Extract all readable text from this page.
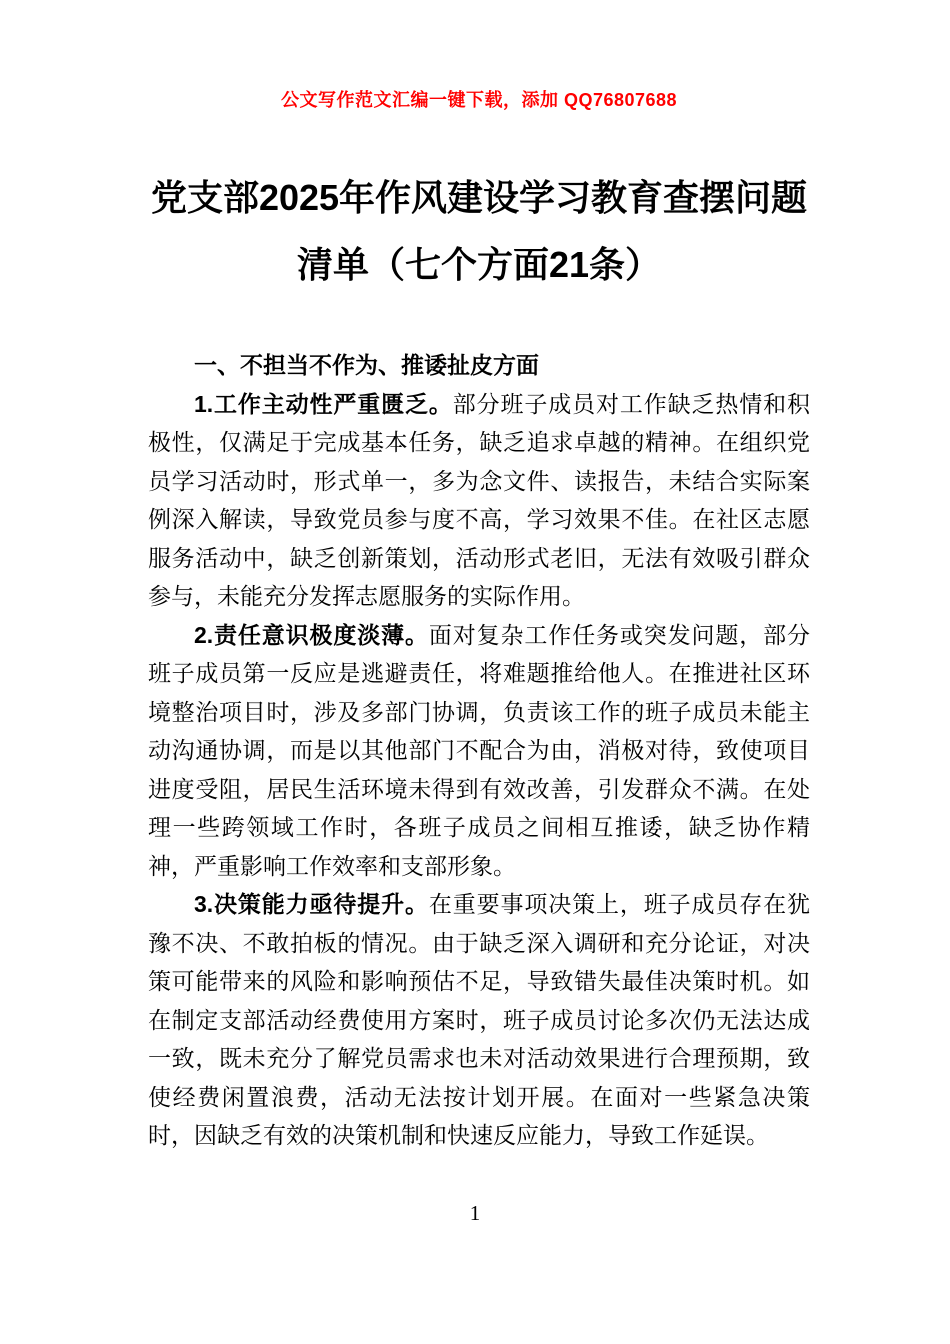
公文写作范文汇编一键下载，添加 QQ76807688
党支部2025年作风建设学习教育查摆问题
清单（七个方面21条）

一、不担当不作为、推诿扯皮方面

1.工作主动性严重匮乏。部分班子成员对工作缺乏热情和积极性，仅满足于完成基本任务，缺乏追求卓越的精神。在组织党员学习活动时，形式单一，多为念文件、读报告，未结合实际案例深入解读，导致党员参与度不高，学习效果不佳。在社区志愿服务活动中，缺乏创新策划，活动形式老旧，无法有效吸引群众参与，未能充分发挥志愿服务的实际作用。

2.责任意识极度淡薄。面对复杂工作任务或突发问题，部分班子成员第一反应是逃避责任，将难题推给他人。在推进社区环境整治项目时，涉及多部门协调，负责该工作的班子成员未能主动沟通协调，而是以其他部门不配合为由，消极对待，致使项目进度受阻，居民生活环境未得到有效改善，引发群众不满。在处理一些跨领域工作时，各班子成员之间相互推诿，缺乏协作精神，严重影响工作效率和支部形象。

3.决策能力亟待提升。在重要事项决策上，班子成员存在犹豫不决、不敢拍板的情况。由于缺乏深入调研和充分论证，对决策可能带来的风险和影响预估不足，导致错失最佳决策时机。如在制定支部活动经费使用方案时，班子成员讨论多次仍无法达成一致，既未充分了解党员需求也未对活动效果进行合理预期，致使经费闲置浪费，活动无法按计划开展。在面对一些紧急决策时，因缺乏有效的决策机制和快速反应能力，导致工作延误。

1
